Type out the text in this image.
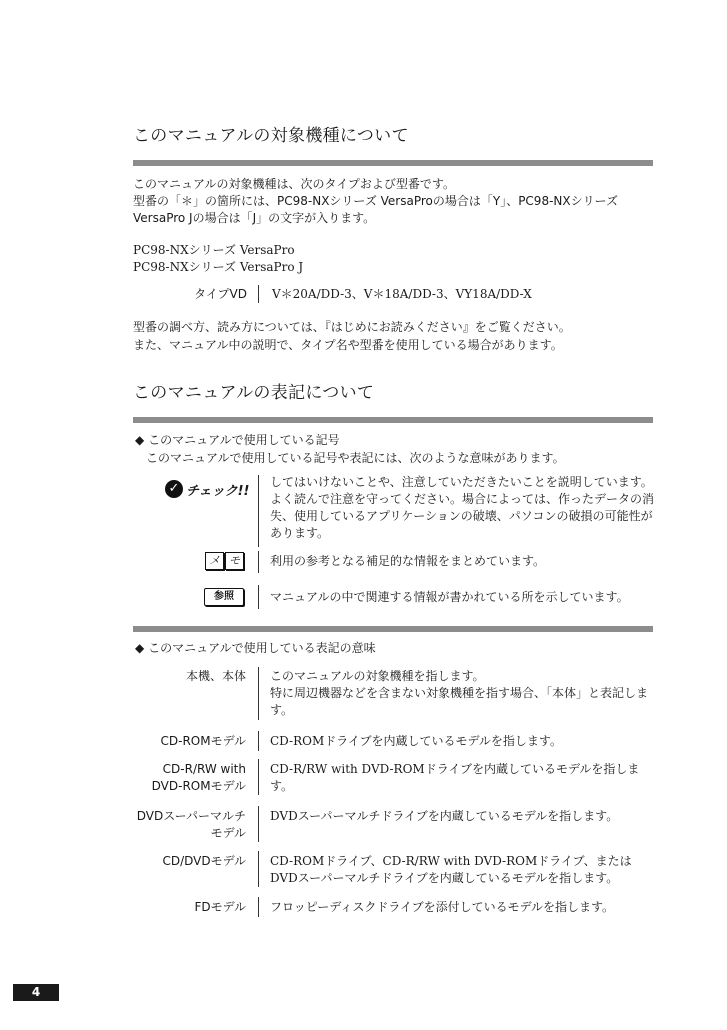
このマニュアルの対象機種について
このマニュアルの対象機種は、次のタイプおよび型番です。
型番の「＊」の箇所には、PC98-NXシリーズ VersaProの場合は「Y」、PC98-NXシリーズ
VersaPro Jの場合は「J」の文字が入ります。
PC98-NXシリーズ VersaPro
PC98-NXシリーズ VersaPro J
タイプVD V＊20A/DD-3、V＊18A/DD-3、VY18A/DD-X
型番の調べ方、読み方については、『はじめにお読みください』をご覧ください。
また、マニュアル中の説明で、タイプ名や型番を使用している場合があります。
このマニュアルの表記について
◆ このマニュアルで使用している記号
このマニュアルで使用している記号や表記には、次のような意味があります。
✓ チェック!!
してはいけないことや、注意していただきたいことを説明しています。よく読んで注意を守ってください。場合によっては、作ったデータの消失、使用しているアプリケーションの破壊、パソコンの破損の可能性があります。
メ モ	利用の参考となる補足的な情報をまとめています。
参照	マニュアルの中で関連する情報が書かれている所を示しています。
◆ このマニュアルで使用している表記の意味
本機、本体 このマニュアルの対象機種を指します。
特に周辺機器などを含まない対象機種を指す場合、「本体」と表記します。
CD-ROMモデル CD-ROMドライブを内蔵しているモデルを指します。
CD-R/RW with
DVD-ROMモデル
CD-R/RW with DVD-ROMドライブを内蔵しているモデルを指します。
DVDスーパーマルチ
モデル
DVDスーパーマルチドライブを内蔵しているモデルを指します。
CD/DVDモデル CD-ROMドライブ、CD-R/RW with DVD-ROMドライブ、または
DVDスーパーマルチドライブを内蔵しているモデルを指します。
FDモデル フロッピーディスクドライブを添付しているモデルを指します。
4
